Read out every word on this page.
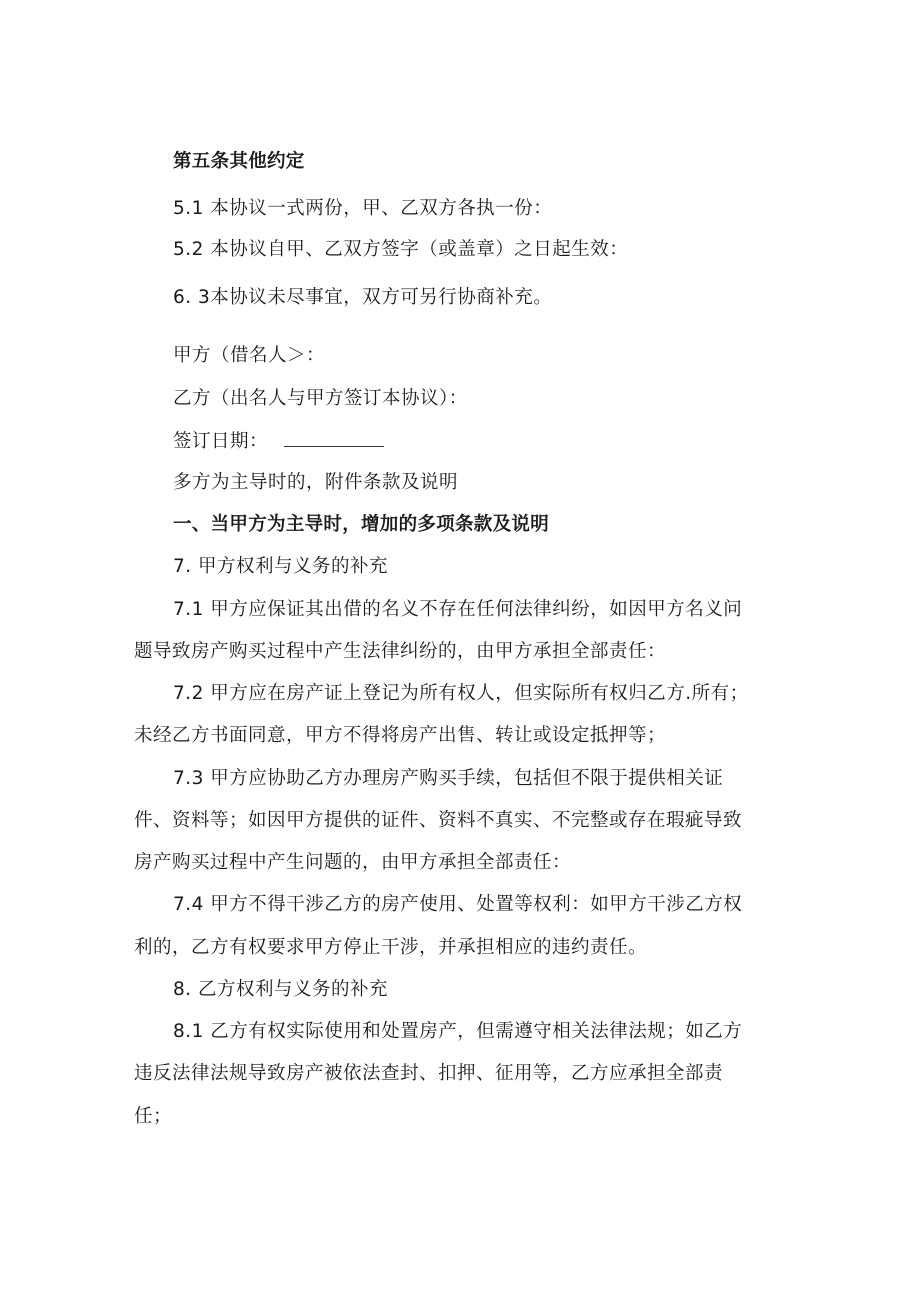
第五条其他约定
5.1 本协议一式两份，甲、乙双方各执一份：
5.2 本协议自甲、乙双方签字（或盖章）之日起生效：
6. 3本协议未尽事宜，双方可另行协商补充。
甲方（借名人＞：
乙方（出名人与甲方签订本协议）：
签订日期：
多方为主导时的，附件条款及说明
一、当甲方为主导时，增加的多项条款及说明
7. 甲方权利与义务的补充
7.1 甲方应保证其出借的名义不存在任何法律纠纷，如因甲方名义问
题导致房产购买过程中产生法律纠纷的，由甲方承担全部责任：
7.2 甲方应在房产证上登记为所有权人，但实际所有权归乙方.所有；
未经乙方书面同意，甲方不得将房产出售、转让或设定抵押等；
7.3 甲方应协助乙方办理房产购买手续，包括但不限于提供相关证
件、资料等；如因甲方提供的证件、资料不真实、不完整或存在瑕疵导致
房产购买过程中产生问题的，由甲方承担全部责任：
7.4 甲方不得干涉乙方的房产使用、处置等权利：如甲方干涉乙方权
利的，乙方有权要求甲方停止干涉，并承担相应的违约责任。
8. 乙方权利与义务的补充
8.1 乙方有权实际使用和处置房产，但需遵守相关法律法规；如乙方
违反法律法规导致房产被依法查封、扣押、征用等，乙方应承担全部责
任；
